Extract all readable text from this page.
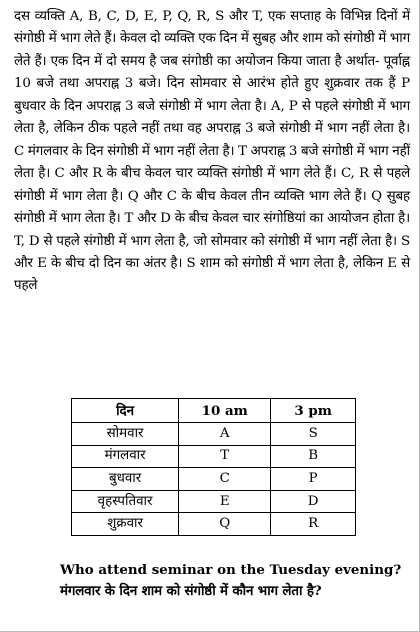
दस व्यक्ति A, B, C, D, E, P, Q, R, S और T, एक सप्ताह के विभिन्न दिनों में संगोष्ठी में भाग लेते हैं। केवल दो व्यक्ति एक दिन में सुबह और शाम को संगोष्ठी में भाग लेते हैं। एक दिन में दो समय है जब संगोष्ठी का अयोजन किया जाता है अर्थात- पूर्वाह्न 10 बजे तथा अपराह्न 3 बजे। दिन सोमवार से आरंभ होते हुए शुक्रवार तक हैं P बुधवार के दिन अपराह्न 3 बजे संगोष्ठी में भाग लेता है। A, P से पहले संगोष्ठी में भाग लेता है, लेकिन ठीक पहले नहीं तथा वह अपराह्न 3 बजे संगोष्ठी में भाग नहीं लेता है। C मंगलवार के दिन संगोष्ठी में भाग नहीं लेता है। T अपराह्न 3 बजे संगोष्ठी में भाग नहीं लेता है। C और R के बीच केवल चार व्यक्ति संगोष्ठी में भाग लेते हैं। C, R से पहले संगोष्ठी में भाग लेता है। Q और C के बीच केवल तीन व्यक्ति भाग लेते हैं। Q सुबह संगोष्ठी में भाग लेता है। T और D के बीच केवल चार संगोष्ठियां का आयोजन होता है। T, D से पहले संगोष्ठी में भाग लेता है, जो सोमवार को संगोष्ठी में भाग नहीं लेता है। S और E के बीच दो दिन का अंतर है। S शाम को संगोष्ठी में भाग लेता है, लेकिन E से पहले

दिन	10 am	3 pm
सोमवार	A	S
मंगलवार	T	B
बुधवार	C	P
वृहस्पतिवार	E	D
शुक्रवार	Q	R

Who attend seminar on the Tuesday evening?

मंगलवार के दिन शाम को संगोष्ठी में कौन भाग लेता है?
